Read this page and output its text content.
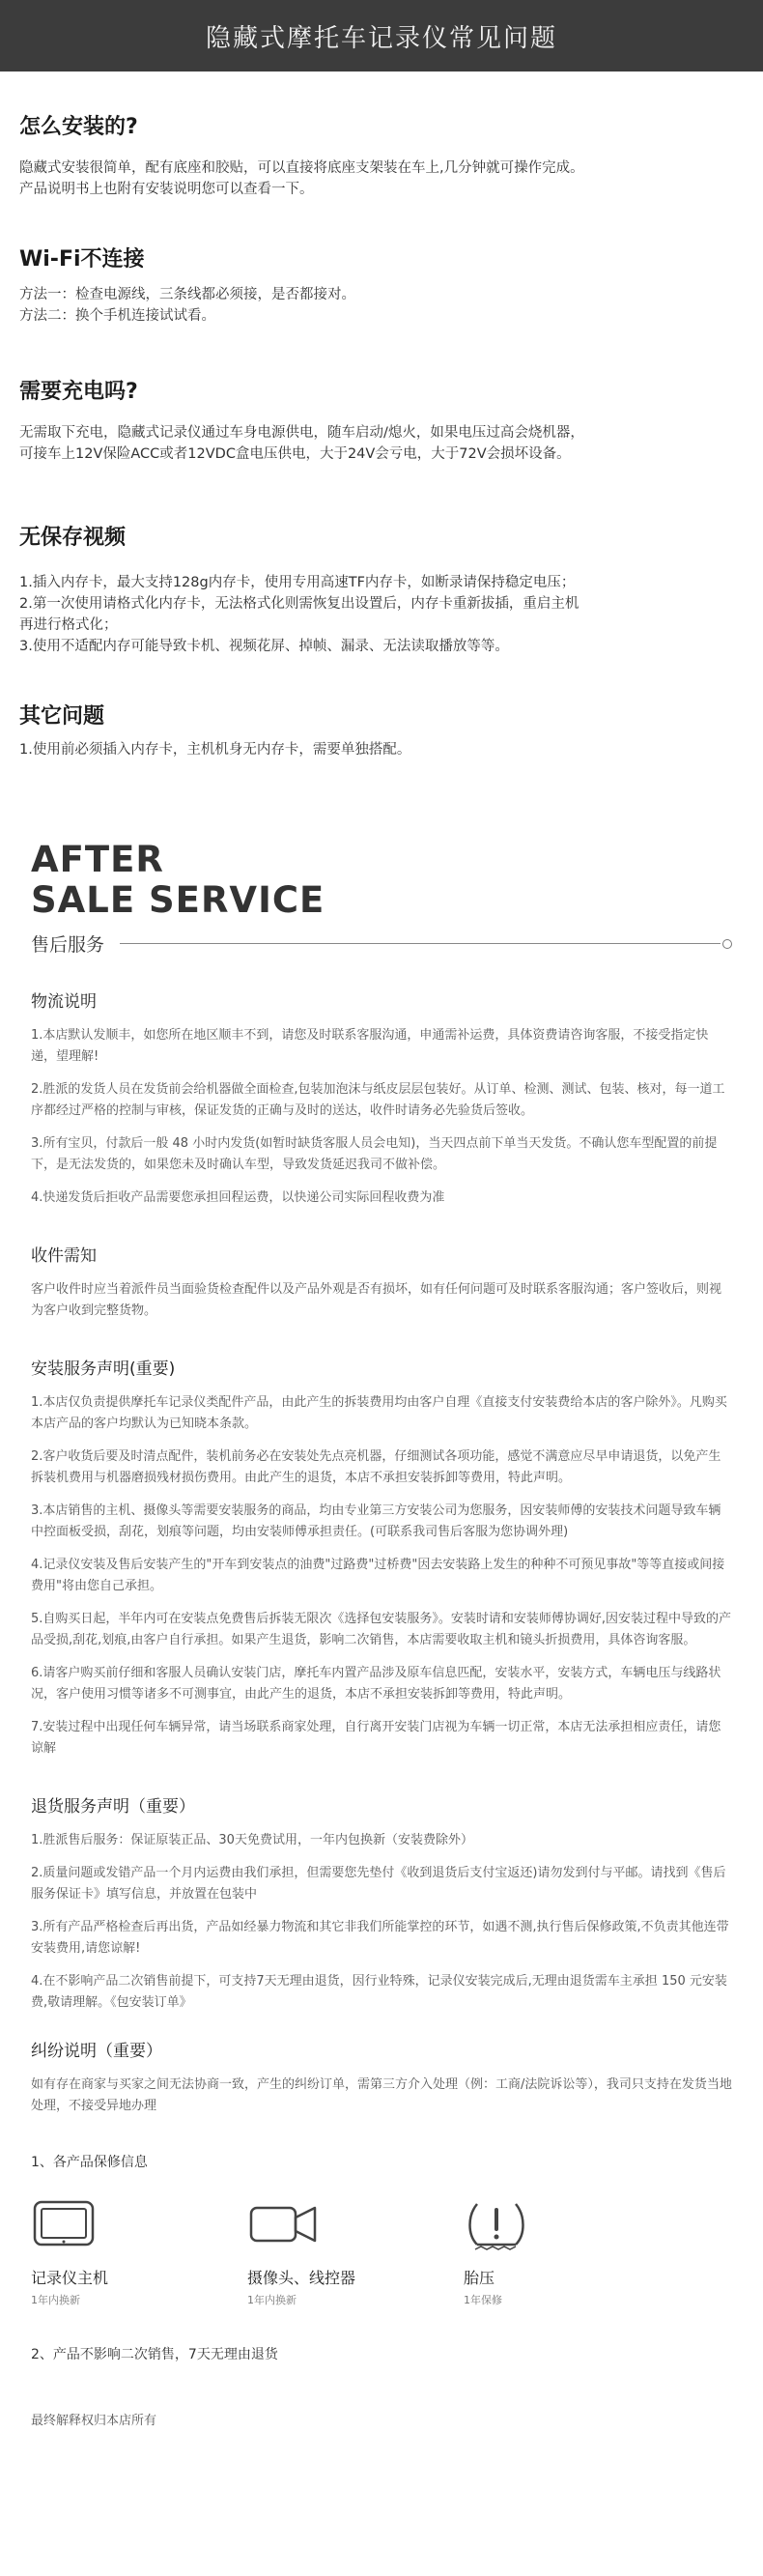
隐藏式摩托车记录仪常见问题
怎么安装的?

隐藏式安装很简单，配有底座和胶贴，可以直接将底座支架装在车上,几分钟就可操作完成。

产品说明书上也附有安装说明您可以查看一下。

Wi-Fi不连接

方法一：检查电源线，三条线都必须接，是否都接对。

方法二：换个手机连接试试看。

需要充电吗?

无需取下充电，隐藏式记录仪通过车身电源供电，随车启动/熄火，如果电压过高会烧机器，

可接车上12V保险ACC或者12VDC盒电压供电，大于24V会亏电，大于72V会损坏设备。

无保存视频

1.插入内存卡，最大支持128g内存卡，使用专用高速TF内存卡，如断录请保持稳定电压；

2.第一次使用请格式化内存卡，无法格式化则需恢复出设置后，内存卡重新拔插，重启主机

再进行格式化；

3.使用不适配内存可能导致卡机、视频花屏、掉帧、漏录、无法读取播放等等。

其它问题

1.使用前必须插入内存卡，主机机身无内存卡，需要单独搭配。

AFTER
SALE SERVICE
售后服务
物流说明

1.本店默认发顺丰，如您所在地区顺丰不到，请您及时联系客服沟通，申通需补运费，具体资费请咨询客服，不接受指定快递，望理解!

2.胜派的发货人员在发货前会给机器做全面检查,包装加泡沫与纸皮层层包装好。从订单、检测、测试、包装、核对，每一道工序都经过严格的控制与审核，保证发货的正确与及时的送达，收件时请务必先验货后签收。

3.所有宝贝，付款后一般 48 小时内发货(如暂时缺货客服人员会电知)，当天四点前下单当天发货。不确认您车型配置的前提下，是无法发货的，如果您未及时确认车型，导致发货延迟我司不做补偿。

4.快递发货后拒收产品需要您承担回程运费，以快递公司实际回程收费为准

收件需知

客户收件时应当着派件员当面验货检查配件以及产品外观是否有损坏，如有任何问题可及时联系客服沟通；客户签收后，则视为客户收到完整货物。

安装服务声明(重要)

1.本店仅负责提供摩托车记录仪类配件产品，由此产生的拆装费用均由客户自理《直接支付安装费给本店的客户除外》。凡购买本店产品的客户均默认为已知晓本条款。

2.客户收货后要及时清点配件，装机前务必在安装处先点亮机器，仔细测试各项功能，感觉不满意应尽早申请退货，以免产生拆装机费用与机器磨损残材损伤费用。由此产生的退货，本店不承担安装拆卸等费用，特此声明。

3.本店销售的主机、摄像头等需要安装服务的商品，均由专业第三方安装公司为您服务，因安装师傅的安装技术问题导致车辆中控面板受损，刮花，划痕等问题，均由安装师傅承担责任。(可联系我司售后客服为您协调外理)

4.记录仪安装及售后安装产生的"开车到安装点的油费"过路费"过桥费"因去安装路上发生的种种不可预见事故"等等直接或间接费用"将由您自己承担。

5.自购买日起，半年内可在安装点免费售后拆装无限次《选择包安装服务》。安装时请和安装师傅协调好,因安装过程中导致的产品受损,刮花,划痕,由客户自行承担。如果产生退货，影响二次销售，本店需要收取主机和镜头折损费用，具体咨询客服。

6.请客户购买前仔细和客服人员确认安装门店，摩托车内置产品涉及原车信息匹配，安装水平，安装方式，车辆电压与线路状况，客户使用习惯等诸多不可测事宜，由此产生的退货，本店不承担安装拆卸等费用，特此声明。

7.安装过程中出现任何车辆异常，请当场联系商家处理，自行离开安装门店视为车辆一切正常，本店无法承担相应责任，请您谅解

退货服务声明（重要）

1.胜派售后服务：保证原装正品、30天免费试用，一年内包换新（安装费除外）

2.质量问题或发错产品一个月内运费由我们承担，但需要您先垫付《收到退货后支付宝返还)请勿发到付与平邮。请找到《售后服务保证卡》填写信息，并放置在包装中

3.所有产品严格检查后再出货，产品如经暴力物流和其它非我们所能掌控的环节，如遇不测,执行售后保修政策,不负责其他连带安装费用,请您谅解!

4.在不影响产品二次销售前提下，可支持7天无理由退货，因行业特殊，记录仪安装完成后,无理由退货需车主承担 150 元安装费,敬请理解。《包安装订单》

纠纷说明（重要）

如有存在商家与买家之间无法协商一致，产生的纠纷订单，需第三方介入处理（例：工商/法院诉讼等），我司只支持在发货当地处理，不接受异地办理

1、各产品保修信息
记录仪主机
1年内换新
摄像头、线控器
1年内换新
胎压
1年保修
2、产品不影响二次销售，7天无理由退货
最终解释权归本店所有
